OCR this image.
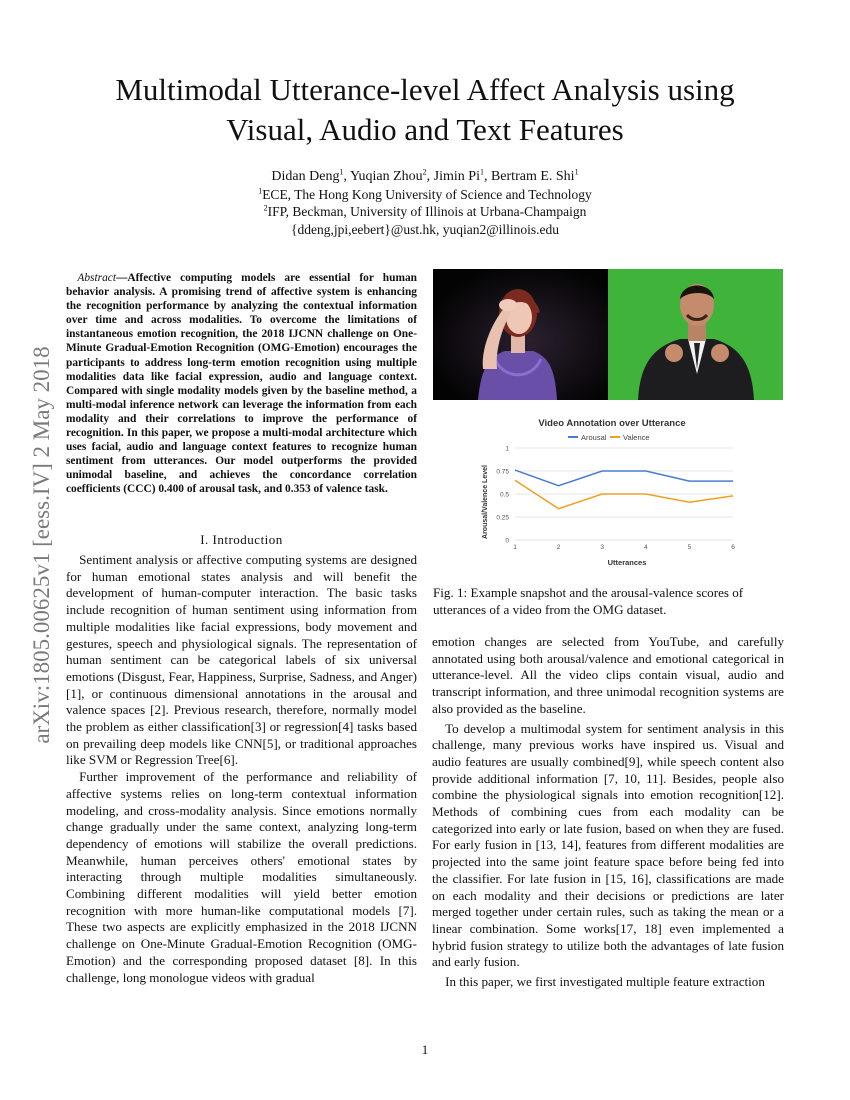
arXiv:1805.00625v1 [eess.IV] 2 May 2018
Multimodal Utterance-level Affect Analysis using
Visual, Audio and Text Features
Didan Deng$^1$, Yuqian Zhou$^2$, Jimin Pi$^1$, Bertram E. Shi$^1$
$^1$ECE, The Hong Kong University of Science and Technology
$^2$IFP, Beckman, University of Illinois at Urbana-Champaign
{ddeng,jpi,eebert}@ust.hk, yuqian2@illinois.edu

Abstract—Affective computing models are essential for human behavior analysis. A promising trend of affective system is enhancing the recognition performance by analyzing the contextual information over time and across modalities. To overcome the limitations of instantaneous emotion recognition, the 2018 IJCNN challenge on One-Minute Gradual-Emotion Recognition (OMG-Emotion) encourages the participants to address long-term emotion recognition using multiple modalities data like facial expression, audio and language context. Compared with single modality models given by the baseline method, a multi-modal inference network can leverage the information from each modality and their correlations to improve the performance of recognition. In this paper, we propose a multi-modal architecture which uses facial, audio and language context features to recognize human sentiment from utterances. Our model outperforms the provided unimodal baseline, and achieves the concordance correlation coefficients (CCC) 0.400 of arousal task, and 0.353 of valence task.

I. Introduction

Sentiment analysis or affective computing systems are designed for human emotional states analysis and will benefit the development of human-computer interaction. The basic tasks include recognition of human sentiment using information from multiple modalities like facial expressions, body movement and gestures, speech and physiological signals. The representation of human sentiment can be categorical labels of six universal emotions (Disgust, Fear, Happiness, Surprise, Sadness, and Anger) [1], or continuous dimensional annotations in the arousal and valence spaces [2]. Previous research, therefore, normally model the problem as either classification[3] or regression[4] tasks based on prevailing deep models like CNN[5], or traditional approaches like SVM or Regression Tree[6].

Further improvement of the performance and reliability of affective systems relies on long-term contextual information modeling, and cross-modality analysis. Since emotions normally change gradually under the same context, analyzing long-term dependency of emotions will stabilize the overall predictions. Meanwhile, human perceives others' emotional states by interacting through multiple modalities simultaneously. Combining different modalities will yield better emotion recognition with more human-like computational models [7]. These two aspects are explicitly emphasized in the 2018 IJCNN challenge on One-Minute Gradual-Emotion Recognition (OMG-Emotion) and the corresponding proposed dataset [8]. In this challenge, long monologue videos with gradual

Video Annotation over Utterance
Arousal Valence
Arousal/Valence Level
Utterances
0
0.25
0.5
0.75
1
1	2	3	4	5	6
Fig. 1: Example snapshot and the arousal-valence scores of utterances of a video from the OMG dataset.

emotion changes are selected from YouTube, and carefully annotated using both arousal/valence and emotional categorical in utterance-level. All the video clips contain visual, audio and transcript information, and three unimodal recognition systems are also provided as the baseline.

To develop a multimodal system for sentiment analysis in this challenge, many previous works have inspired us. Visual and audio features are usually combined[9], while speech content also provide additional information [7, 10, 11]. Besides, people also combine the physiological signals into emotion recognition[12]. Methods of combining cues from each modality can be categorized into early or late fusion, based on when they are fused. For early fusion in [13, 14], features from different modalities are projected into the same joint feature space before being fed into the classifier. For late fusion in [15, 16], classifications are made on each modality and their decisions or predictions are later merged together under certain rules, such as taking the mean or a linear combination. Some works[17, 18] even implemented a hybrid fusion strategy to utilize both the advantages of late fusion and early fusion.

In this paper, we first investigated multiple feature extraction

1
